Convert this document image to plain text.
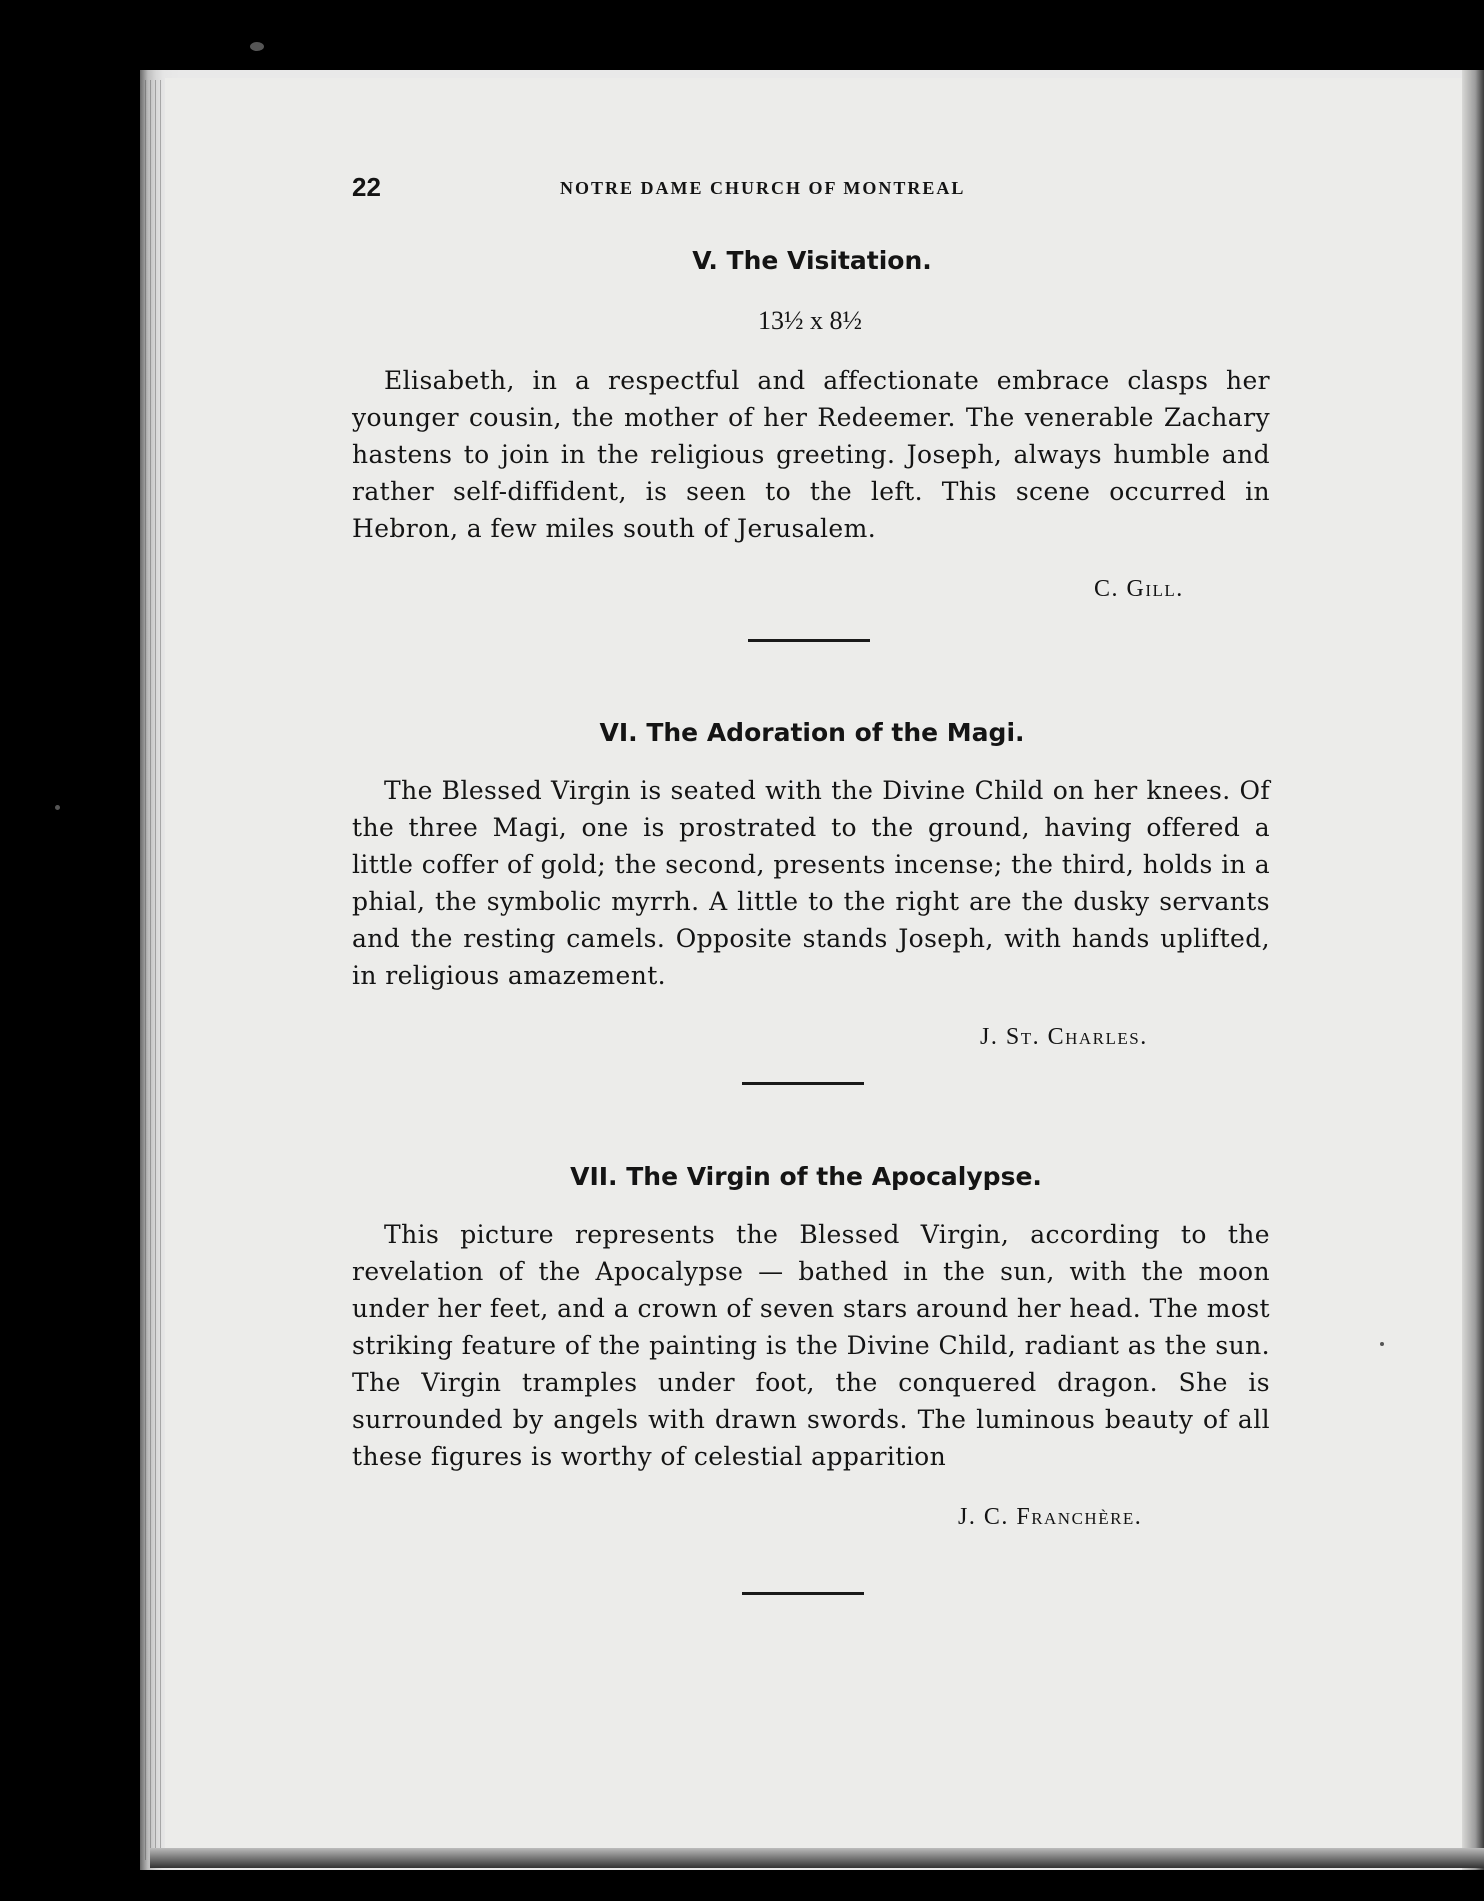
22	NOTRE DAME CHURCH OF MONTREAL
V. The Visitation.
13½ x 8½
Elisabeth, in a respectful and affectionate embrace clasps her younger cousin, the mother of her Redeemer. The venerable Zachary hastens to join in the religious greeting. Joseph, always humble and rather self-diffident, is seen to the left. This scene occurred in Hebron, a few miles south of Jerusalem.
C. Gill.
VI. The Adoration of the Magi.
The Blessed Virgin is seated with the Divine Child on her knees. Of the three Magi, one is prostrated to the ground, having offered a little coffer of gold; the second, presents incense; the third, holds in a phial, the symbolic myrrh. A little to the right are the dusky servants and the resting camels. Opposite stands Joseph, with hands uplifted, in religious amazement.
J. St. Charles.
VII. The Virgin of the Apocalypse.
This picture represents the Blessed Virgin, according to the revelation of the Apocalypse — bathed in the sun, with the moon under her feet, and a crown of seven stars around her head. The most striking feature of the painting is the Divine Child, radiant as the sun. The Virgin tramples under foot, the conquered dragon. She is surrounded by angels with drawn swords. The luminous beauty of all these figures is worthy of celestial apparition
J. C. Franchère.
